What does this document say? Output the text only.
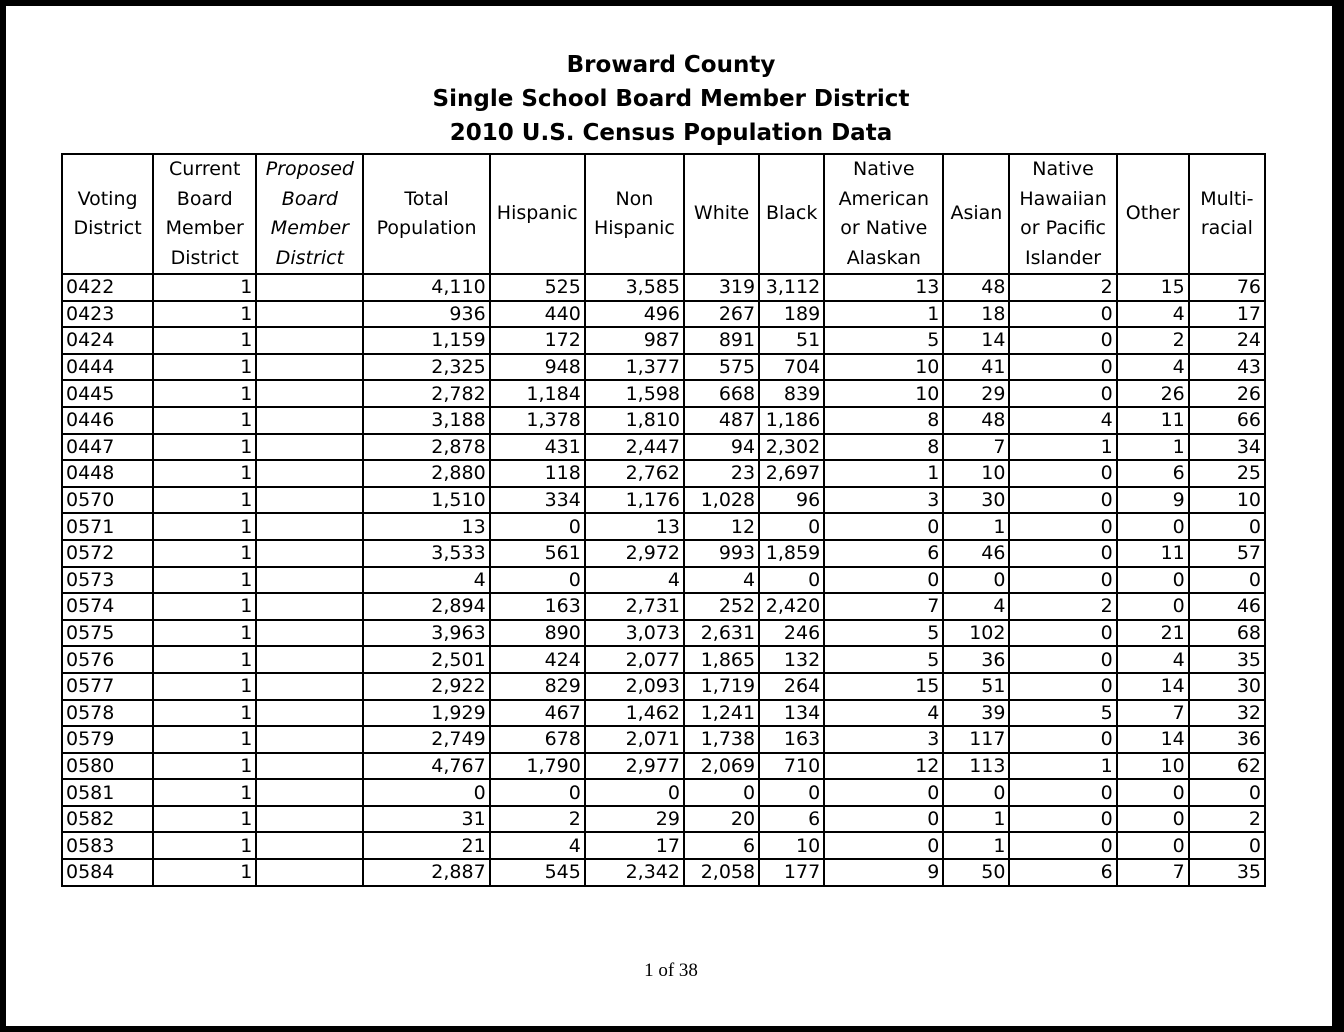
Broward County
Single School Board Member District
2010 U.S. Census Population Data
Voting District	Current Board Member District	Proposed Board Member District	Total Population	Hispanic	Non Hispanic	White	Black	Native American or Native Alaskan	Asian	Native Hawaiian or Pacific Islander	Other	Multi-racial
0422	1		4,110	525	3,585	319	3,112	13	48	2	15	76
0423	1		936	440	496	267	189	1	18	0	4	17
0424	1		1,159	172	987	891	51	5	14	0	2	24
0444	1		2,325	948	1,377	575	704	10	41	0	4	43
0445	1		2,782	1,184	1,598	668	839	10	29	0	26	26
0446	1		3,188	1,378	1,810	487	1,186	8	48	4	11	66
0447	1		2,878	431	2,447	94	2,302	8	7	1	1	34
0448	1		2,880	118	2,762	23	2,697	1	10	0	6	25
0570	1		1,510	334	1,176	1,028	96	3	30	0	9	10
0571	1		13	0	13	12	0	0	1	0	0	0
0572	1		3,533	561	2,972	993	1,859	6	46	0	11	57
0573	1		4	0	4	4	0	0	0	0	0	0
0574	1		2,894	163	2,731	252	2,420	7	4	2	0	46
0575	1		3,963	890	3,073	2,631	246	5	102	0	21	68
0576	1		2,501	424	2,077	1,865	132	5	36	0	4	35
0577	1		2,922	829	2,093	1,719	264	15	51	0	14	30
0578	1		1,929	467	1,462	1,241	134	4	39	5	7	32
0579	1		2,749	678	2,071	1,738	163	3	117	0	14	36
0580	1		4,767	1,790	2,977	2,069	710	12	113	1	10	62
0581	1		0	0	0	0	0	0	0	0	0	0
0582	1		31	2	29	20	6	0	1	0	0	2
0583	1		21	4	17	6	10	0	1	0	0	0
0584	1		2,887	545	2,342	2,058	177	9	50	6	7	35
1 of 38
